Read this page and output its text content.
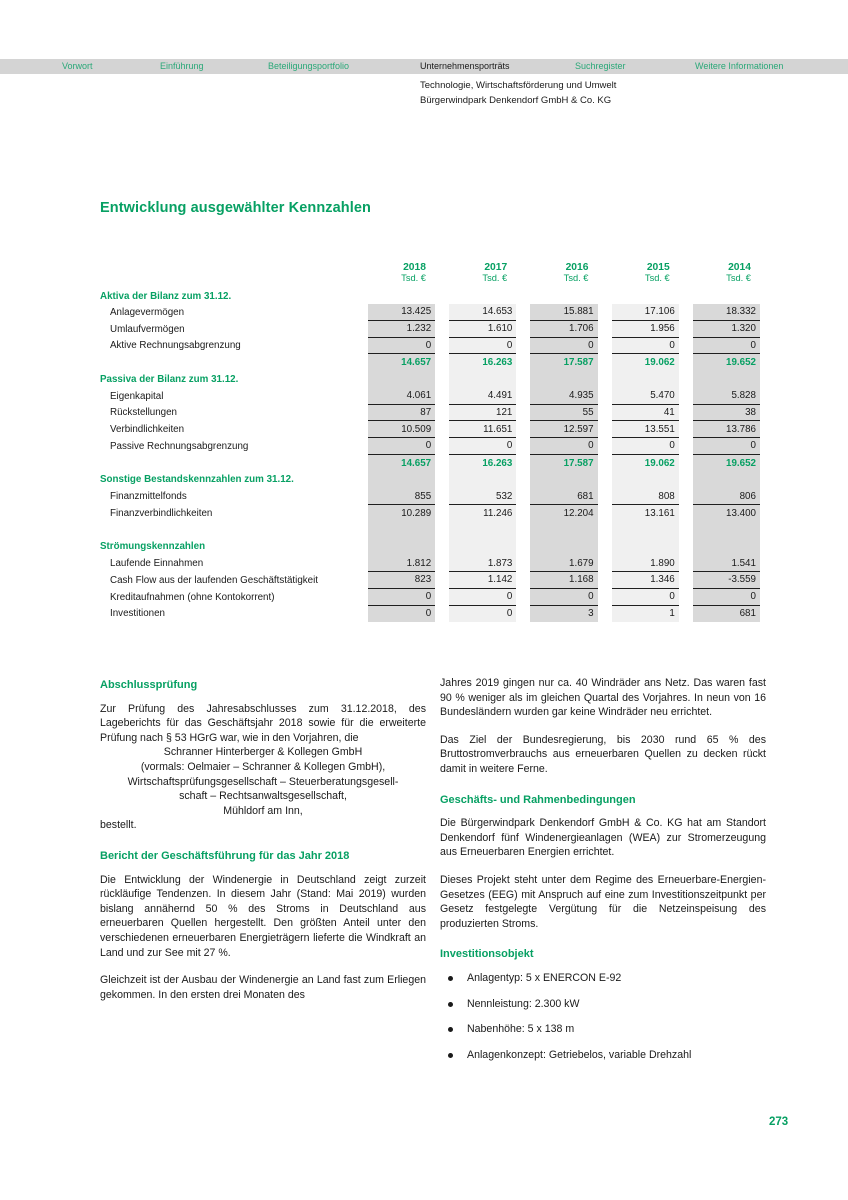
Vorwort	Einführung	Beteiligungsportfolio	Unternehmensporträts	Suchregister	Weitere Informationen
Technologie, Wirtschaftsförderung und Umwelt
Bürgerwindpark Denkendorf GmbH & Co. KG
Entwicklung ausgewählter Kennzahlen
2018	2017	2016	2015	2014
Tsd. €	Tsd. €	Tsd. €	Tsd. €	Tsd. €
Aktiva der Bilanz zum 31.12.
Anlagevermögen	13.425	14.653	15.881	17.106	18.332
Umlaufvermögen	1.232	1.610	1.706	1.956	1.320
Aktive Rechnungsabgrenzung	0	0	0	0	0
14.657	16.263	17.587	19.062	19.652
Passiva der Bilanz zum 31.12.
Eigenkapital	4.061	4.491	4.935	5.470	5.828
Rückstellungen	87	121	55	41	38
Verbindlichkeiten	10.509	11.651	12.597	13.551	13.786
Passive Rechnungsabgrenzung	0	0	0	0	0
14.657	16.263	17.587	19.062	19.652
Sonstige Bestandskennzahlen zum 31.12.
Finanzmittelfonds	855	532	681	808	806
Finanzverbindlichkeiten	10.289	11.246	12.204	13.161	13.400
Strömungskennzahlen
Laufende Einnahmen	1.812	1.873	1.679	1.890	1.541
Cash Flow aus der laufenden Geschäftstätigkeit	823	1.142	1.168	1.346	-3.559
Kreditaufnahmen (ohne Kontokorrent)	0	0	0	0	0
Investitionen	0	0	3	1	681
Abschlussprüfung

Zur Prüfung des Jahresabschlusses zum 31.12.2018, des Lageberichts für das Geschäftsjahr 2018 sowie für die erweiterte Prüfung nach § 53 HGrG war, wie in den Vorjahren, die

Schranner Hinterberger & Kollegen GmbH
(vormals: Oelmaier – Schranner & Kollegen GmbH),
Wirtschaftsprüfungsgesellschaft – Steuerberatungsgesell-
schaft – Rechtsanwaltsgesellschaft,
Mühldorf am Inn,

bestellt.

Bericht der Geschäftsführung für das Jahr 2018

Die Entwicklung der Windenergie in Deutschland zeigt zurzeit rückläufige Tendenzen. In diesem Jahr (Stand: Mai 2019) wurden bislang annähernd 50 % des Stroms in Deutschland aus erneuerbaren Quellen hergestellt. Den größten Anteil unter den verschiedenen erneuerbaren Energieträgern lieferte die Windkraft an Land und zur See mit 27 %.

Gleichzeit ist der Ausbau der Windenergie an Land fast zum Erliegen gekommen. In den ersten drei Monaten des

Jahres 2019 gingen nur ca. 40 Windräder ans Netz. Das waren fast 90 % weniger als im gleichen Quartal des Vorjahres. In neun von 16 Bundesländern wurden gar keine Windräder neu errichtet.

Das Ziel der Bundesregierung, bis 2030 rund 65 % des Bruttostromverbrauchs aus erneuerbaren Quellen zu decken rückt damit in weitere Ferne.

Geschäfts- und Rahmenbedingungen

Die Bürgerwindpark Denkendorf GmbH & Co. KG hat am Standort Denkendorf fünf Windenergieanlagen (WEA) zur Stromerzeugung aus Erneuerbaren Energien errichtet.

Dieses Projekt steht unter dem Regime des Erneuerbare-Energien-Gesetzes (EEG) mit Anspruch auf eine zum Investitionszeitpunkt per Gesetz festgelegte Vergütung für die Netzeinspeisung des produzierten Stroms.

Investitionsobjekt
Anlagentyp: 5 x ENERCON E-92
Nennleistung: 2.300 kW
Nabenhöhe: 5 x 138 m
Anlagenkonzept: Getriebelos, variable Drehzahl
273
